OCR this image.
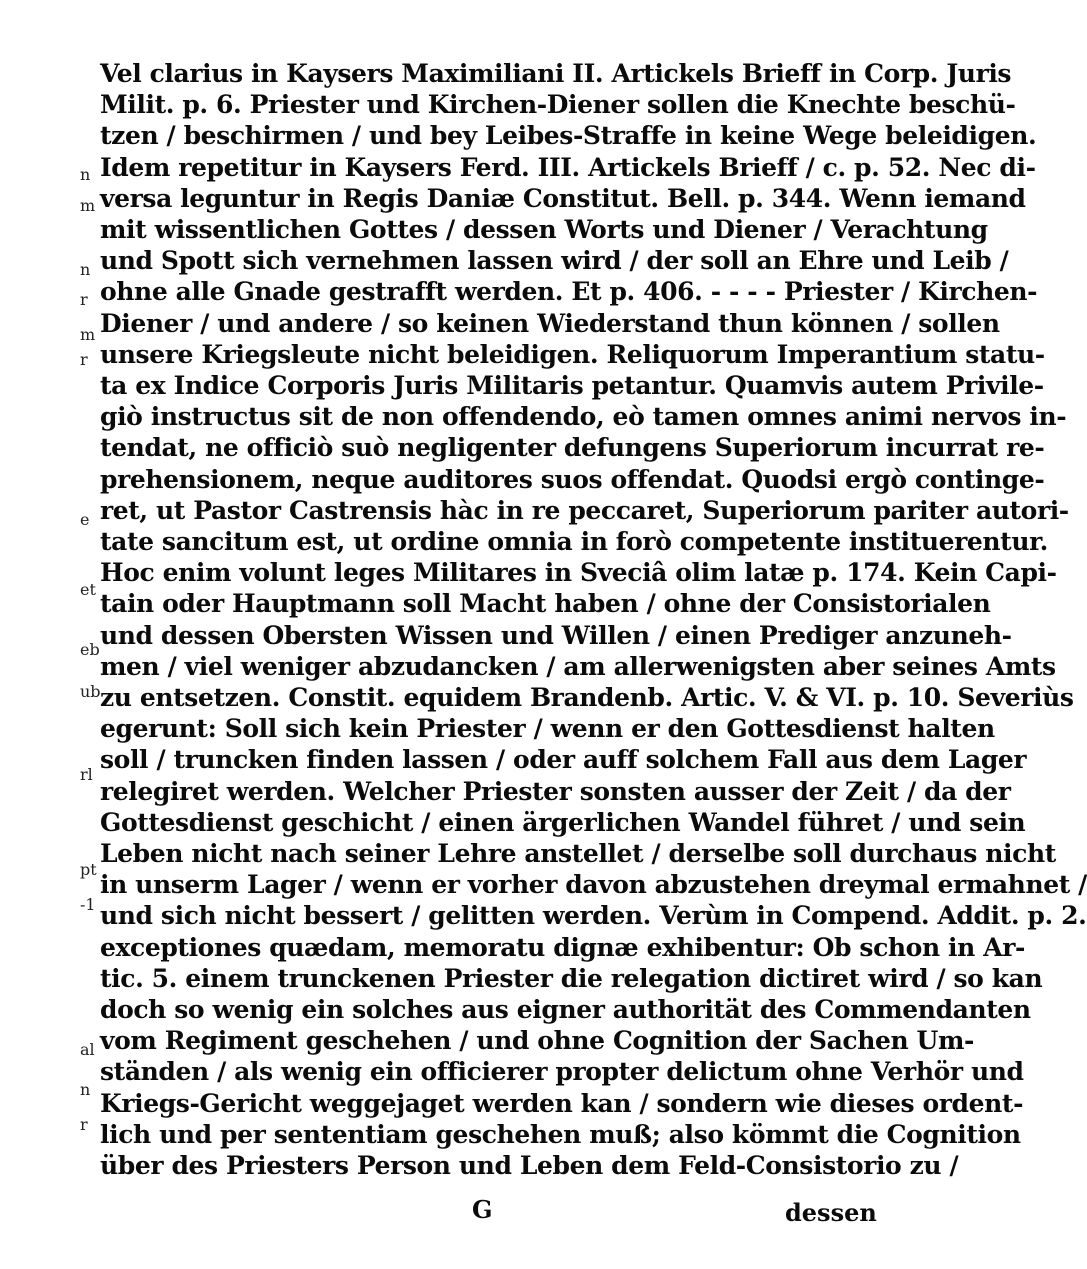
Vel clarius in Kaysers Maximiliani II. Artickels Brieff in Corp. Juris
Milit. p. 6. Priester und Kirchen-Diener sollen die Knechte beschü-
tzen / beschirmen / und bey Leibes-Straffe in keine Wege beleidigen.
Idem repetitur in Kaysers Ferd. III. Artickels Brieff / c. p. 52. Nec di-
versa leguntur in Regis Daniæ Constitut. Bell. p. 344. Wenn iemand
mit wissentlichen Gottes / dessen Worts und Diener / Verachtung
und Spott sich vernehmen lassen wird / der soll an Ehre und Leib /
ohne alle Gnade gestrafft werden. Et p. 406. - - - - Priester / Kirchen-
Diener / und andere / so keinen Wiederstand thun können / sollen
unsere Kriegsleute nicht beleidigen. Reliquorum Imperantium statu-
ta ex Indice Corporis Juris Militaris petantur. Quamvis autem Privile-
giò instructus sit de non offendendo, eò tamen omnes animi nervos in-
tendat, ne officiò suò negligenter defungens Superiorum incurrat re-
prehensionem, neque auditores suos offendat. Quodsi ergò continge-
ret, ut Pastor Castrensis hàc in re peccaret, Superiorum pariter autori-
tate sancitum est, ut ordine omnia in forò competente instituerentur.
Hoc enim volunt leges Militares in Sveciâ olim latæ p. 174. Kein Capi-
tain oder Hauptmann soll Macht haben / ohne der Consistorialen
und dessen Obersten Wissen und Willen / einen Prediger anzuneh-
men / viel weniger abzudancken / am allerwenigsten aber seines Amts
zu entsetzen. Constit. equidem Brandenb. Artic. V. & VI. p. 10. Severiùs
egerunt: Soll sich kein Priester / wenn er den Gottesdienst halten
soll / truncken finden lassen / oder auff solchem Fall aus dem Lager
relegiret werden. Welcher Priester sonsten ausser der Zeit / da der
Gottesdienst geschicht / einen ärgerlichen Wandel führet / und sein
Leben nicht nach seiner Lehre anstellet / derselbe soll durchaus nicht
in unserm Lager / wenn er vorher davon abzustehen dreymal ermahnet /
und sich nicht bessert / gelitten werden. Verùm in Compend. Addit. p. 2.
exceptiones quædam, memoratu dignæ exhibentur: Ob schon in Ar-
tic. 5. einem trunckenen Priester die relegation dictiret wird / so kan
doch so wenig ein solches aus eigner authorität des Commendanten
vom Regiment geschehen / und ohne Cognition der Sachen Um-
ständen / als wenig ein officierer propter delictum ohne Verhör und
Kriegs-Gericht weggejaget werden kan / sondern wie dieses ordent-
lich und per sententiam geschehen muß; also kömmt die Cognition
über des Priesters Person und Leben dem Feld-Consistorio zu /
n
m
n
r
m
r
e
et
eb
ub
rl
pt
-1
al
n
r
G	dessen
